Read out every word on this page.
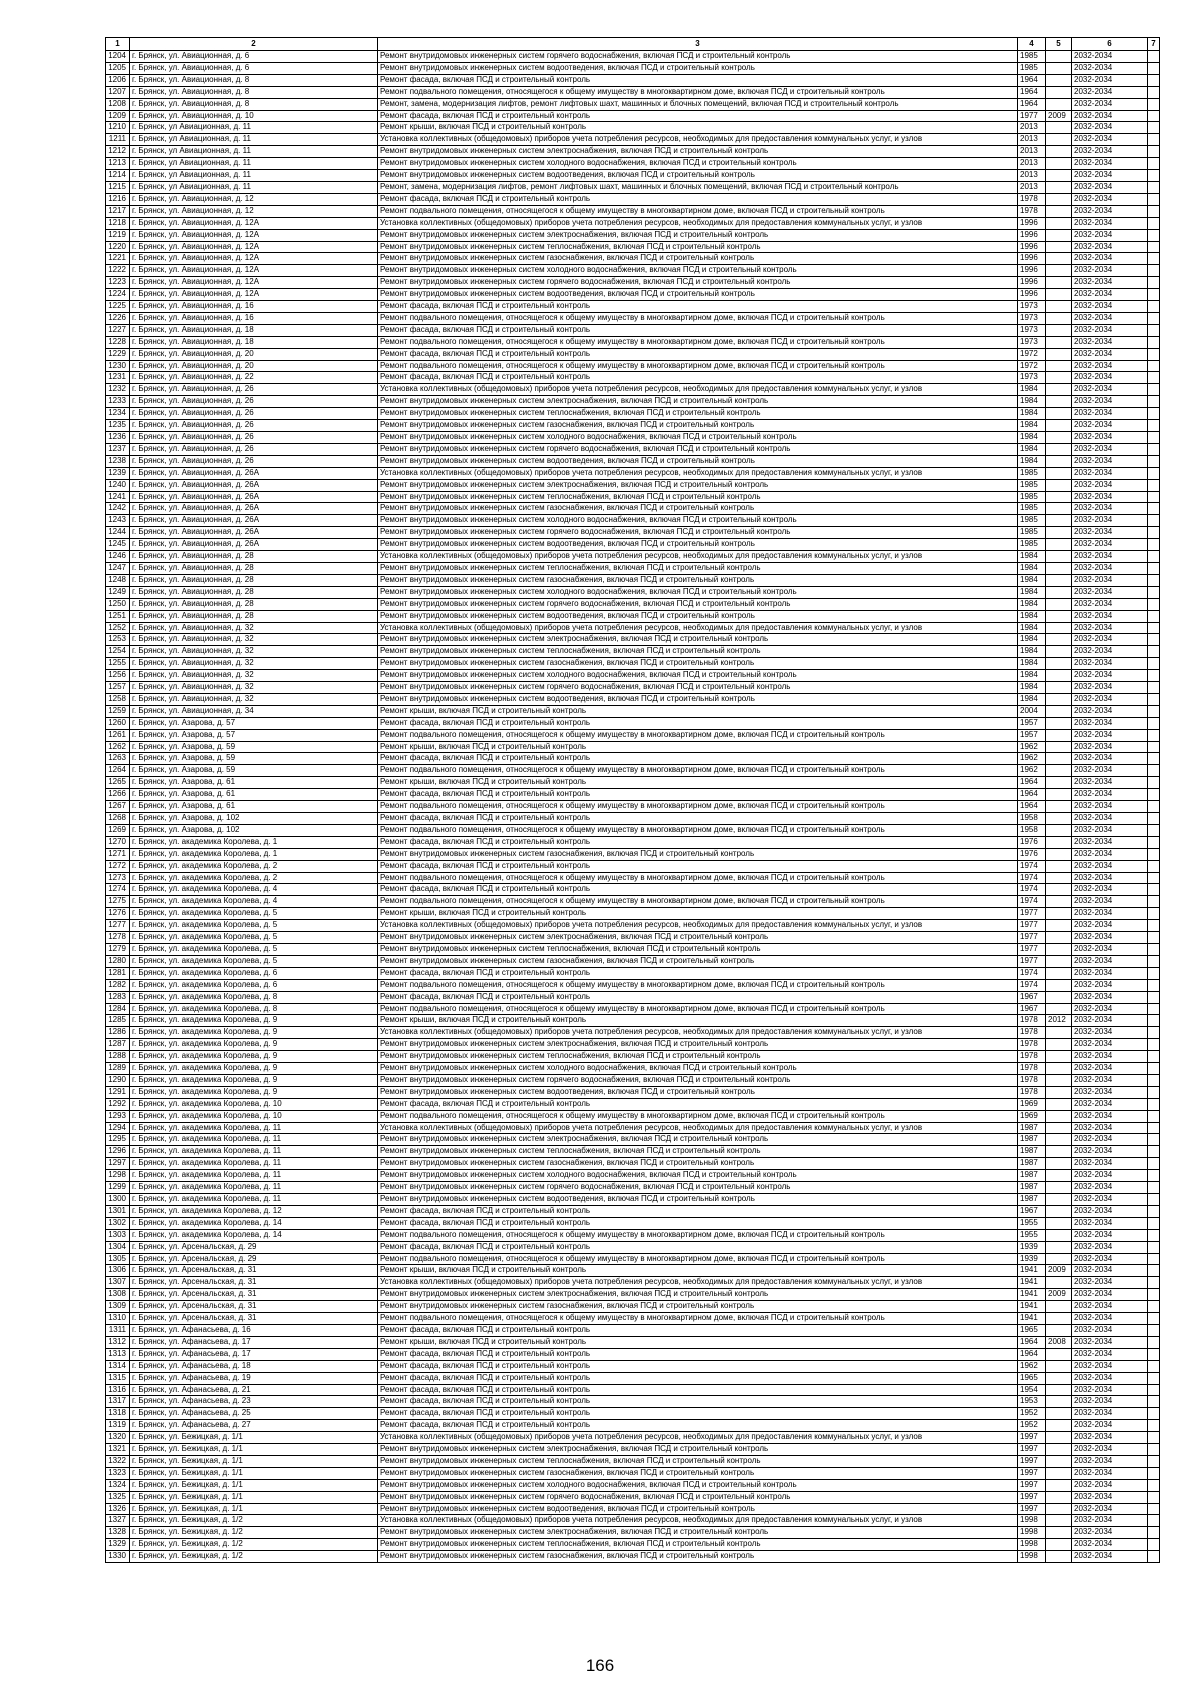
1	2	3	4	5	6	7
1204	г. Брянск, ул. Авиационная, д. 6	Ремонт внутридомовых инженерных систем горячего водоснабжения, включая ПСД и строительный контроль	1985		2032-2034	
1205	г. Брянск, ул. Авиационная, д. 6	Ремонт внутридомовых инженерных систем водоотведения, включая ПСД и строительный контроль	1985		2032-2034	
1206	г. Брянск, ул. Авиационная, д. 8	Ремонт фасада, включая ПСД и строительный контроль	1964		2032-2034	
1207	г. Брянск, ул. Авиационная, д. 8	Ремонт подвального помещения, относящегося к общему имуществу в многоквартирном доме, включая ПСД и строительный контроль	1964		2032-2034	
1208	г. Брянск, ул. Авиационная, д. 8	Ремонт, замена, модернизация лифтов, ремонт лифтовых шахт, машинных и блочных помещений, включая ПСД и строительный контроль	1964		2032-2034	
1209	г. Брянск, ул. Авиационная, д. 10	Ремонт фасада, включая ПСД и строительный контроль	1977	2009	2032-2034	
1210	г. Брянск, ул Авиационная, д. 11	Ремонт крыши, включая ПСД и строительный контроль	2013		2032-2034	
1211	г. Брянск, ул Авиационная, д. 11	Установка коллективных (общедомовых) приборов учета потребления ресурсов, необходимых для предоставления коммунальных услуг, и узлов	2013		2032-2034	
1212	г. Брянск, ул Авиационная, д. 11	Ремонт внутридомовых инженерных систем электроснабжения, включая ПСД и строительный контроль	2013		2032-2034	
1213	г. Брянск, ул Авиационная, д. 11	Ремонт внутридомовых инженерных систем холодного водоснабжения, включая ПСД и строительный контроль	2013		2032-2034	
1214	г. Брянск, ул Авиационная, д. 11	Ремонт внутридомовых инженерных систем водоотведения, включая ПСД и строительный контроль	2013		2032-2034	
1215	г. Брянск, ул Авиационная, д. 11	Ремонт, замена, модернизация лифтов, ремонт лифтовых шахт, машинных и блочных помещений, включая ПСД и строительный контроль	2013		2032-2034	
1216	г. Брянск, ул. Авиационная, д. 12	Ремонт фасада, включая ПСД и строительный контроль	1978		2032-2034	
1217	г. Брянск, ул. Авиационная, д. 12	Ремонт подвального помещения, относящегося к общему имуществу в многоквартирном доме, включая ПСД и строительный контроль	1978		2032-2034	
1218	г. Брянск, ул. Авиационная, д. 12А	Установка коллективных (общедомовых) приборов учета потребления ресурсов, необходимых для предоставления коммунальных услуг, и узлов	1996		2032-2034	
1219	г. Брянск, ул. Авиационная, д. 12А	Ремонт внутридомовых инженерных систем электроснабжения, включая ПСД и строительный контроль	1996		2032-2034	
1220	г. Брянск, ул. Авиационная, д. 12А	Ремонт внутридомовых инженерных систем теплоснабжения, включая ПСД и строительный контроль	1996		2032-2034	
1221	г. Брянск, ул. Авиационная, д. 12А	Ремонт внутридомовых инженерных систем газоснабжения, включая ПСД и строительный контроль	1996		2032-2034	
1222	г. Брянск, ул. Авиационная, д. 12А	Ремонт внутридомовых инженерных систем холодного водоснабжения, включая ПСД и строительный контроль	1996		2032-2034	
1223	г. Брянск, ул. Авиационная, д. 12А	Ремонт внутридомовых инженерных систем горячего водоснабжения, включая ПСД и строительный контроль	1996		2032-2034	
1224	г. Брянск, ул. Авиационная, д. 12А	Ремонт внутридомовых инженерных систем водоотведения, включая ПСД и строительный контроль	1996		2032-2034	
1225	г. Брянск, ул. Авиационная, д. 16	Ремонт фасада, включая ПСД и строительный контроль	1973		2032-2034	
1226	г. Брянск, ул. Авиационная, д. 16	Ремонт подвального помещения, относящегося к общему имуществу в многоквартирном доме, включая ПСД и строительный контроль	1973		2032-2034	
1227	г. Брянск, ул. Авиационная, д. 18	Ремонт фасада, включая ПСД и строительный контроль	1973		2032-2034	
1228	г. Брянск, ул. Авиационная, д. 18	Ремонт подвального помещения, относящегося к общему имуществу в многоквартирном доме, включая ПСД и строительный контроль	1973		2032-2034	
1229	г. Брянск, ул. Авиационная, д. 20	Ремонт фасада, включая ПСД и строительный контроль	1972		2032-2034	
1230	г. Брянск, ул. Авиационная, д. 20	Ремонт подвального помещения, относящегося к общему имуществу в многоквартирном доме, включая ПСД и строительный контроль	1972		2032-2034	
1231	г. Брянск, ул. Авиационная, д. 22	Ремонт фасада, включая ПСД и строительный контроль	1973		2032-2034	
1232	г. Брянск, ул. Авиационная, д. 26	Установка коллективных (общедомовых) приборов учета потребления ресурсов, необходимых для предоставления коммунальных услуг, и узлов	1984		2032-2034	
1233	г. Брянск, ул. Авиационная, д. 26	Ремонт внутридомовых инженерных систем электроснабжения, включая ПСД и строительный контроль	1984		2032-2034	
1234	г. Брянск, ул. Авиационная, д. 26	Ремонт внутридомовых инженерных систем теплоснабжения, включая ПСД и строительный контроль	1984		2032-2034	
1235	г. Брянск, ул. Авиационная, д. 26	Ремонт внутридомовых инженерных систем газоснабжения, включая ПСД и строительный контроль	1984		2032-2034	
1236	г. Брянск, ул. Авиационная, д. 26	Ремонт внутридомовых инженерных систем холодного водоснабжения, включая ПСД и строительный контроль	1984		2032-2034	
1237	г. Брянск, ул. Авиационная, д. 26	Ремонт внутридомовых инженерных систем горячего водоснабжения, включая ПСД и строительный контроль	1984		2032-2034	
1238	г. Брянск, ул. Авиационная, д. 26	Ремонт внутридомовых инженерных систем водоотведения, включая ПСД и строительный контроль	1984		2032-2034	
1239	г. Брянск, ул. Авиационная, д. 26А	Установка коллективных (общедомовых) приборов учета потребления ресурсов, необходимых для предоставления коммунальных услуг, и узлов	1985		2032-2034	
1240	г. Брянск, ул. Авиационная, д. 26А	Ремонт внутридомовых инженерных систем электроснабжения, включая ПСД и строительный контроль	1985		2032-2034	
1241	г. Брянск, ул. Авиационная, д. 26А	Ремонт внутридомовых инженерных систем теплоснабжения, включая ПСД и строительный контроль	1985		2032-2034	
1242	г. Брянск, ул. Авиационная, д. 26А	Ремонт внутридомовых инженерных систем газоснабжения, включая ПСД и строительный контроль	1985		2032-2034	
1243	г. Брянск, ул. Авиационная, д. 26А	Ремонт внутридомовых инженерных систем холодного водоснабжения, включая ПСД и строительный контроль	1985		2032-2034	
1244	г. Брянск, ул. Авиационная, д. 26А	Ремонт внутридомовых инженерных систем горячего водоснабжения, включая ПСД и строительный контроль	1985		2032-2034	
1245	г. Брянск, ул. Авиационная, д. 26А	Ремонт внутридомовых инженерных систем водоотведения, включая ПСД и строительный контроль	1985		2032-2034	
1246	г. Брянск, ул. Авиационная, д. 28	Установка коллективных (общедомовых) приборов учета потребления ресурсов, необходимых для предоставления коммунальных услуг, и узлов	1984		2032-2034	
1247	г. Брянск, ул. Авиационная, д. 28	Ремонт внутридомовых инженерных систем теплоснабжения, включая ПСД и строительный контроль	1984		2032-2034	
1248	г. Брянск, ул. Авиационная, д. 28	Ремонт внутридомовых инженерных систем газоснабжения, включая ПСД и строительный контроль	1984		2032-2034	
1249	г. Брянск, ул. Авиационная, д. 28	Ремонт внутридомовых инженерных систем холодного водоснабжения, включая ПСД и строительный контроль	1984		2032-2034	
1250	г. Брянск, ул. Авиационная, д. 28	Ремонт внутридомовых инженерных систем горячего водоснабжения, включая ПСД и строительный контроль	1984		2032-2034	
1251	г. Брянск, ул. Авиационная, д. 28	Ремонт внутридомовых инженерных систем водоотведения, включая ПСД и строительный контроль	1984		2032-2034	
1252	г. Брянск, ул. Авиационная, д. 32	Установка коллективных (общедомовых) приборов учета потребления ресурсов, необходимых для предоставления коммунальных услуг, и узлов	1984		2032-2034	
1253	г. Брянск, ул. Авиационная, д. 32	Ремонт внутридомовых инженерных систем электроснабжения, включая ПСД и строительный контроль	1984		2032-2034	
1254	г. Брянск, ул. Авиационная, д. 32	Ремонт внутридомовых инженерных систем теплоснабжения, включая ПСД и строительный контроль	1984		2032-2034	
1255	г. Брянск, ул. Авиационная, д. 32	Ремонт внутридомовых инженерных систем газоснабжения, включая ПСД и строительный контроль	1984		2032-2034	
1256	г. Брянск, ул. Авиационная, д. 32	Ремонт внутридомовых инженерных систем холодного водоснабжения, включая ПСД и строительный контроль	1984		2032-2034	
1257	г. Брянск, ул. Авиационная, д. 32	Ремонт внутридомовых инженерных систем горячего водоснабжения, включая ПСД и строительный контроль	1984		2032-2034	
1258	г. Брянск, ул. Авиационная, д. 32	Ремонт внутридомовых инженерных систем водоотведения, включая ПСД и строительный контроль	1984		2032-2034	
1259	г. Брянск, ул. Авиационная, д. 34	Ремонт крыши, включая ПСД и строительный контроль	2004		2032-2034	
1260	г. Брянск, ул. Азарова, д. 57	Ремонт фасада, включая ПСД и строительный контроль	1957		2032-2034	
1261	г. Брянск, ул. Азарова, д. 57	Ремонт подвального помещения, относящегося к общему имуществу в многоквартирном доме, включая ПСД и строительный контроль	1957		2032-2034	
1262	г. Брянск, ул. Азарова, д. 59	Ремонт крыши, включая ПСД и строительный контроль	1962		2032-2034	
1263	г. Брянск, ул. Азарова, д. 59	Ремонт фасада, включая ПСД и строительный контроль	1962		2032-2034	
1264	г. Брянск, ул. Азарова, д. 59	Ремонт подвального помещения, относящегося к общему имуществу в многоквартирном доме, включая ПСД и строительный контроль	1962		2032-2034	
1265	г. Брянск, ул. Азарова, д. 61	Ремонт крыши, включая ПСД и строительный контроль	1964		2032-2034	
1266	г. Брянск, ул. Азарова, д. 61	Ремонт фасада, включая ПСД и строительный контроль	1964		2032-2034	
1267	г. Брянск, ул. Азарова, д. 61	Ремонт подвального помещения, относящегося к общему имуществу в многоквартирном доме, включая ПСД и строительный контроль	1964		2032-2034	
1268	г. Брянск, ул. Азарова, д. 102	Ремонт фасада, включая ПСД и строительный контроль	1958		2032-2034	
1269	г. Брянск, ул. Азарова, д. 102	Ремонт подвального помещения, относящегося к общему имуществу в многоквартирном доме, включая ПСД и строительный контроль	1958		2032-2034	
1270	г. Брянск, ул. академика Королева, д. 1	Ремонт фасада, включая ПСД и строительный контроль	1976		2032-2034	
1271	г. Брянск, ул. академика Королева, д. 1	Ремонт внутридомовых инженерных систем газоснабжения, включая ПСД и строительный контроль	1976		2032-2034	
1272	г. Брянск, ул. академика Королева, д. 2	Ремонт фасада, включая ПСД и строительный контроль	1974		2032-2034	
1273	г. Брянск, ул. академика Королева, д. 2	Ремонт подвального помещения, относящегося к общему имуществу в многоквартирном доме, включая ПСД и строительный контроль	1974		2032-2034	
1274	г. Брянск, ул. академика Королева, д. 4	Ремонт фасада, включая ПСД и строительный контроль	1974		2032-2034	
1275	г. Брянск, ул. академика Королева, д. 4	Ремонт подвального помещения, относящегося к общему имуществу в многоквартирном доме, включая ПСД и строительный контроль	1974		2032-2034	
1276	г. Брянск, ул. академика Королева, д. 5	Ремонт крыши, включая ПСД и строительный контроль	1977		2032-2034	
1277	г. Брянск, ул. академика Королева, д. 5	Установка коллективных (общедомовых) приборов учета потребления ресурсов, необходимых для предоставления коммунальных услуг, и узлов	1977		2032-2034	
1278	г. Брянск, ул. академика Королева, д. 5	Ремонт внутридомовых инженерных систем электроснабжения, включая ПСД и строительный контроль	1977		2032-2034	
1279	г. Брянск, ул. академика Королева, д. 5	Ремонт внутридомовых инженерных систем теплоснабжения, включая ПСД и строительный контроль	1977		2032-2034	
1280	г. Брянск, ул. академика Королева, д. 5	Ремонт внутридомовых инженерных систем газоснабжения, включая ПСД и строительный контроль	1977		2032-2034	
1281	г. Брянск, ул. академика Королева, д. 6	Ремонт фасада, включая ПСД и строительный контроль	1974		2032-2034	
1282	г. Брянск, ул. академика Королева, д. 6	Ремонт подвального помещения, относящегося к общему имуществу в многоквартирном доме, включая ПСД и строительный контроль	1974		2032-2034	
1283	г. Брянск, ул. академика Королева, д. 8	Ремонт фасада, включая ПСД и строительный контроль	1967		2032-2034	
1284	г. Брянск, ул. академика Королева, д. 8	Ремонт подвального помещения, относящегося к общему имуществу в многоквартирном доме, включая ПСД и строительный контроль	1967		2032-2034	
1285	г. Брянск, ул. академика Королева, д. 9	Ремонт крыши, включая ПСД и строительный контроль	1978	2012	2032-2034	
1286	г. Брянск, ул. академика Королева, д. 9	Установка коллективных (общедомовых) приборов учета потребления ресурсов, необходимых для предоставления коммунальных услуг, и узлов	1978		2032-2034	
1287	г. Брянск, ул. академика Королева, д. 9	Ремонт внутридомовых инженерных систем электроснабжения, включая ПСД и строительный контроль	1978		2032-2034	
1288	г. Брянск, ул. академика Королева, д. 9	Ремонт внутридомовых инженерных систем теплоснабжения, включая ПСД и строительный контроль	1978		2032-2034	
1289	г. Брянск, ул. академика Королева, д. 9	Ремонт внутридомовых инженерных систем холодного водоснабжения, включая ПСД и строительный контроль	1978		2032-2034	
1290	г. Брянск, ул. академика Королева, д. 9	Ремонт внутридомовых инженерных систем горячего водоснабжения, включая ПСД и строительный контроль	1978		2032-2034	
1291	г. Брянск, ул. академика Королева, д. 9	Ремонт внутридомовых инженерных систем водоотведения, включая ПСД и строительный контроль	1978		2032-2034	
1292	г. Брянск, ул. академика Королева, д. 10	Ремонт фасада, включая ПСД и строительный контроль	1969		2032-2034	
1293	г. Брянск, ул. академика Королева, д. 10	Ремонт подвального помещения, относящегося к общему имуществу в многоквартирном доме, включая ПСД и строительный контроль	1969		2032-2034	
1294	г. Брянск, ул. академика Королева, д. 11	Установка коллективных (общедомовых) приборов учета потребления ресурсов, необходимых для предоставления коммунальных услуг, и узлов	1987		2032-2034	
1295	г. Брянск, ул. академика Королева, д. 11	Ремонт внутридомовых инженерных систем электроснабжения, включая ПСД и строительный контроль	1987		2032-2034	
1296	г. Брянск, ул. академика Королева, д. 11	Ремонт внутридомовых инженерных систем теплоснабжения, включая ПСД и строительный контроль	1987		2032-2034	
1297	г. Брянск, ул. академика Королева, д. 11	Ремонт внутридомовых инженерных систем газоснабжения, включая ПСД и строительный контроль	1987		2032-2034	
1298	г. Брянск, ул. академика Королева, д. 11	Ремонт внутридомовых инженерных систем холодного водоснабжения, включая ПСД и строительный контроль	1987		2032-2034	
1299	г. Брянск, ул. академика Королева, д. 11	Ремонт внутридомовых инженерных систем горячего водоснабжения, включая ПСД и строительный контроль	1987		2032-2034	
1300	г. Брянск, ул. академика Королева, д. 11	Ремонт внутридомовых инженерных систем водоотведения, включая ПСД и строительный контроль	1987		2032-2034	
1301	г. Брянск, ул. академика Королева, д. 12	Ремонт фасада, включая ПСД и строительный контроль	1967		2032-2034	
1302	г. Брянск, ул. академика Королева, д. 14	Ремонт фасада, включая ПСД и строительный контроль	1955		2032-2034	
1303	г. Брянск, ул. академика Королева, д. 14	Ремонт подвального помещения, относящегося к общему имуществу в многоквартирном доме, включая ПСД и строительный контроль	1955		2032-2034	
1304	г. Брянск, ул. Арсенальская, д. 29	Ремонт фасада, включая ПСД и строительный контроль	1939		2032-2034	
1305	г. Брянск, ул. Арсенальская, д. 29	Ремонт подвального помещения, относящегося к общему имуществу в многоквартирном доме, включая ПСД и строительный контроль	1939		2032-2034	
1306	г. Брянск, ул. Арсенальская, д. 31	Ремонт крыши, включая ПСД и строительный контроль	1941	2009	2032-2034	
1307	г. Брянск, ул. Арсенальская, д. 31	Установка коллективных (общедомовых) приборов учета потребления ресурсов, необходимых для предоставления коммунальных услуг, и узлов	1941		2032-2034	
1308	г. Брянск, ул. Арсенальская, д. 31	Ремонт внутридомовых инженерных систем электроснабжения, включая ПСД и строительный контроль	1941	2009	2032-2034	
1309	г. Брянск, ул. Арсенальская, д. 31	Ремонт внутридомовых инженерных систем газоснабжения, включая ПСД и строительный контроль	1941		2032-2034	
1310	г. Брянск, ул. Арсенальская, д. 31	Ремонт подвального помещения, относящегося к общему имуществу в многоквартирном доме, включая ПСД и строительный контроль	1941		2032-2034	
1311	г. Брянск, ул. Афанасьева, д. 16	Ремонт фасада, включая ПСД и строительный контроль	1965		2032-2034	
1312	г. Брянск, ул. Афанасьева, д. 17	Ремонт крыши, включая ПСД и строительный контроль	1964	2008	2032-2034	
1313	г. Брянск, ул. Афанасьева, д. 17	Ремонт фасада, включая ПСД и строительный контроль	1964		2032-2034	
1314	г. Брянск, ул. Афанасьева, д. 18	Ремонт фасада, включая ПСД и строительный контроль	1962		2032-2034	
1315	г. Брянск, ул. Афанасьева, д. 19	Ремонт фасада, включая ПСД и строительный контроль	1965		2032-2034	
1316	г. Брянск, ул. Афанасьева, д. 21	Ремонт фасада, включая ПСД и строительный контроль	1954		2032-2034	
1317	г. Брянск, ул. Афанасьева, д. 23	Ремонт фасада, включая ПСД и строительный контроль	1953		2032-2034	
1318	г. Брянск, ул. Афанасьева, д. 25	Ремонт фасада, включая ПСД и строительный контроль	1952		2032-2034	
1319	г. Брянск, ул. Афанасьева, д. 27	Ремонт фасада, включая ПСД и строительный контроль	1952		2032-2034	
1320	г. Брянск, ул. Бежицкая, д. 1/1	Установка коллективных (общедомовых) приборов учета потребления ресурсов, необходимых для предоставления коммунальных услуг, и узлов	1997		2032-2034	
1321	г. Брянск, ул. Бежицкая, д. 1/1	Ремонт внутридомовых инженерных систем электроснабжения, включая ПСД и строительный контроль	1997		2032-2034	
1322	г. Брянск, ул. Бежицкая, д. 1/1	Ремонт внутридомовых инженерных систем теплоснабжения, включая ПСД и строительный контроль	1997		2032-2034	
1323	г. Брянск, ул. Бежицкая, д. 1/1	Ремонт внутридомовых инженерных систем газоснабжения, включая ПСД и строительный контроль	1997		2032-2034	
1324	г. Брянск, ул. Бежицкая, д. 1/1	Ремонт внутридомовых инженерных систем холодного водоснабжения, включая ПСД и строительный контроль	1997		2032-2034	
1325	г. Брянск, ул. Бежицкая, д. 1/1	Ремонт внутридомовых инженерных систем горячего водоснабжения, включая ПСД и строительный контроль	1997		2032-2034	
1326	г. Брянск, ул. Бежицкая, д. 1/1	Ремонт внутридомовых инженерных систем водоотведения, включая ПСД и строительный контроль	1997		2032-2034	
1327	г. Брянск, ул. Бежицкая, д. 1/2	Установка коллективных (общедомовых) приборов учета потребления ресурсов, необходимых для предоставления коммунальных услуг, и узлов	1998		2032-2034	
1328	г. Брянск, ул. Бежицкая, д. 1/2	Ремонт внутридомовых инженерных систем электроснабжения, включая ПСД и строительный контроль	1998		2032-2034	
1329	г. Брянск, ул. Бежицкая, д. 1/2	Ремонт внутридомовых инженерных систем теплоснабжения, включая ПСД и строительный контроль	1998		2032-2034	
1330	г. Брянск, ул. Бежицкая, д. 1/2	Ремонт внутридомовых инженерных систем газоснабжения, включая ПСД и строительный контроль	1998		2032-2034	
166
